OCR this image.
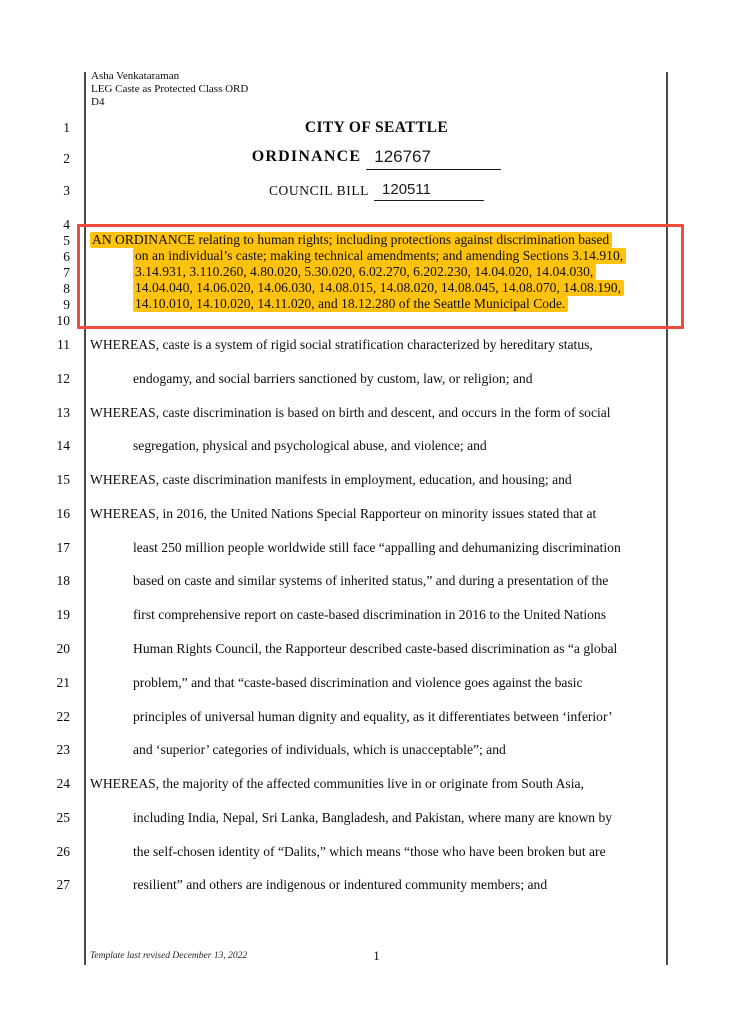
Asha Venkataraman
LEG Caste as Protected Class ORD
D4
CITY OF SEATTLE
ORDINANCE 126767
COUNCIL BILL 120511
1
2
3
4
5 AN ORDINANCE relating to human rights; including protections against discrimination based
6	on an individual’s caste; making technical amendments; and amending Sections 3.14.910,
7	3.14.931, 3.110.260, 4.80.020, 5.30.020, 6.02.270, 6.202.230, 14.04.020, 14.04.030,
8	14.04.040, 14.06.020, 14.06.030, 14.08.015, 14.08.020, 14.08.045, 14.08.070, 14.08.190,
9	14.10.010, 14.10.020, 14.11.020, and 18.12.280 of the Seattle Municipal Code.
10
11 WHEREAS, caste is a system of rigid social stratification characterized by hereditary status,
12	endogamy, and social barriers sanctioned by custom, law, or religion; and
13 WHEREAS, caste discrimination is based on birth and descent, and occurs in the form of social
14	segregation, physical and psychological abuse, and violence; and
15 WHEREAS, caste discrimination manifests in employment, education, and housing; and
16 WHEREAS, in 2016, the United Nations Special Rapporteur on minority issues stated that at
17	least 250 million people worldwide still face “appalling and dehumanizing discrimination
18	based on caste and similar systems of inherited status,” and during a presentation of the
19	first comprehensive report on caste-based discrimination in 2016 to the United Nations
20	Human Rights Council, the Rapporteur described caste-based discrimination as “a global
21	problem,” and that “caste-based discrimination and violence goes against the basic
22	principles of universal human dignity and equality, as it differentiates between ‘inferior’
23	and ‘superior’ categories of individuals, which is unacceptable”; and
24 WHEREAS, the majority of the affected communities live in or originate from South Asia,
25	including India, Nepal, Sri Lanka, Bangladesh, and Pakistan, where many are known by
26	the self-chosen identity of “Dalits,” which means “those who have been broken but are
27	resilient” and others are indigenous or indentured community members; and
Template last revised December 13, 2022	1
